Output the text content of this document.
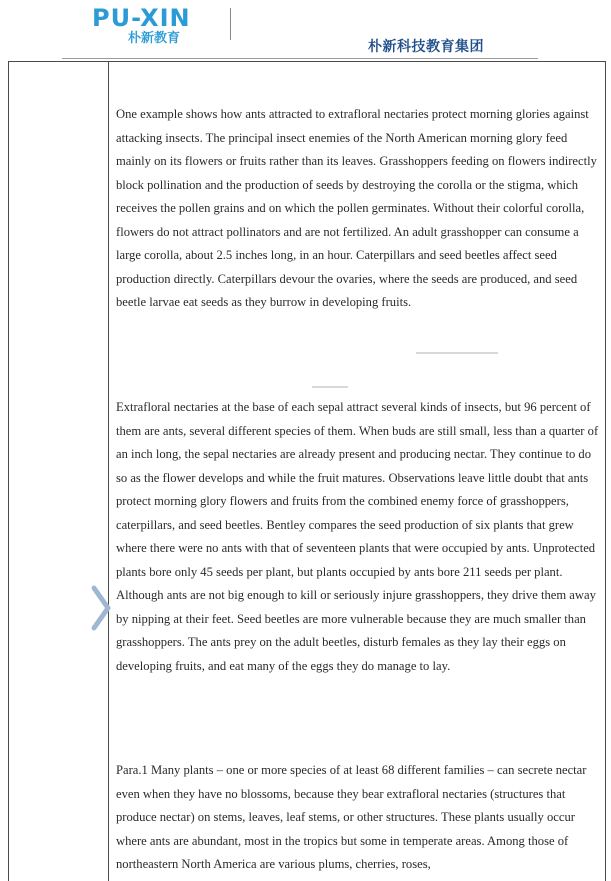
PU-XIN
朴新教育
朴新科技教育集团

One example shows how ants attracted to extrafloral nectaries protect morning glories against attacking insects. The principal insect enemies of the North American morning glory feed mainly on its flowers or fruits rather than its leaves. Grasshoppers feeding on flowers indirectly block pollination and the production of seeds by destroying the corolla or the stigma, which receives the pollen grains and on which the pollen germinates. Without their colorful corolla, flowers do not attract pollinators and are not fertilized. An adult grasshopper can consume a large corolla, about 2.5 inches long, in an hour. Caterpillars and seed beetles affect seed production directly. Caterpillars devour the ovaries, where the seeds are produced, and seed beetle larvae eat seeds as they burrow in developing fruits.

Extrafloral nectaries at the base of each sepal attract several kinds of insects, but 96 percent of them are ants, several different species of them. When buds are still small, less than a quarter of an inch long, the sepal nectaries are already present and producing nectar. They continue to do so as the flower develops and while the fruit matures. Observations leave little doubt that ants protect morning glory flowers and fruits from the combined enemy force of grasshoppers, caterpillars, and seed beetles. Bentley compares the seed production of six plants that grew where there were no ants with that of seventeen plants that were occupied by ants. Unprotected plants bore only 45 seeds per plant, but plants occupied by ants bore 211 seeds per plant. Although ants are not big enough to kill or seriously injure grasshoppers, they drive them away by nipping at their feet. Seed beetles are more vulnerable because they are much smaller than grasshoppers. The ants prey on the adult beetles, disturb females as they lay their eggs on developing fruits, and eat many of the eggs they do manage to lay.

Para.1 Many plants – one or more species of at least 68 different families – can secrete nectar even when they have no blossoms, because they bear extrafloral nectaries (structures that produce nectar) on stems, leaves, leaf stems, or other structures. These plants usually occur where ants are abundant, most in the tropics but some in temperate areas. Among those of northeastern North America are various plums, cherries, roses,
